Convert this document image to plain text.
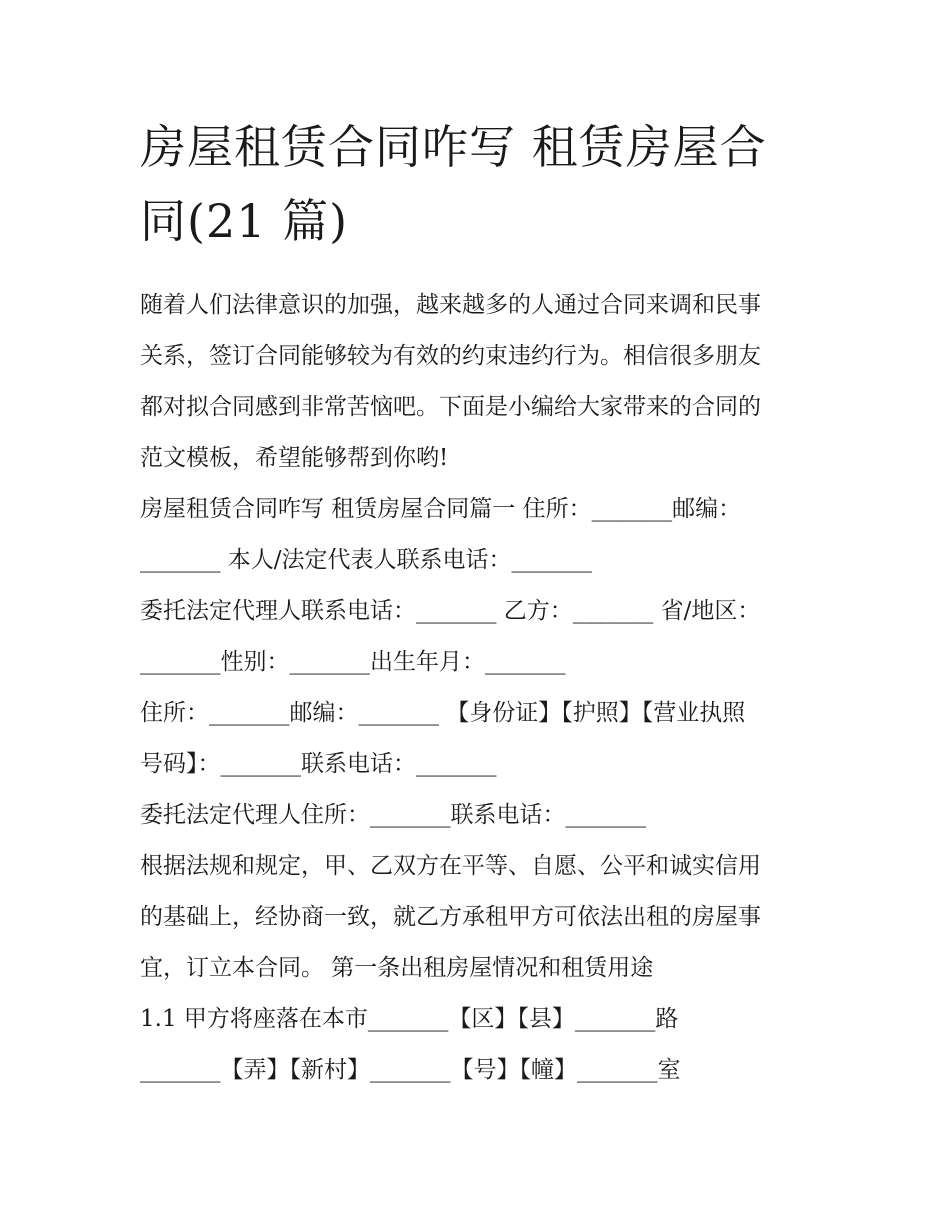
房屋租赁合同咋写 租赁房屋合
同(21 篇)
随着人们法律意识的加强，越来越多的人通过合同来调和民事
关系，签订合同能够较为有效的约束违约行为。相信很多朋友
都对拟合同感到非常苦恼吧。下面是小编给大家带来的合同的
范文模板，希望能够帮到你哟!
房屋租赁合同咋写 租赁房屋合同篇一 住所：_______邮编：
_______ 本人/法定代表人联系电话：_______
委托法定代理人联系电话：_______ 乙方：_______ 省/地区：
_______性别：_______出生年月：_______
住所：_______邮编：_______ 【身份证】【护照】【营业执照
号码】：_______联系电话：_______
委托法定代理人住所：_______联系电话：_______
根据法规和规定，甲、乙双方在平等、自愿、公平和诚实信用
的基础上，经协商一致，就乙方承租甲方可依法出租的房屋事
宜，订立本合同。 第一条出租房屋情况和租赁用途
1.1 甲方将座落在本市_______【区】【县】_______路
_______【弄】【新村】_______【号】【幢】_______室
